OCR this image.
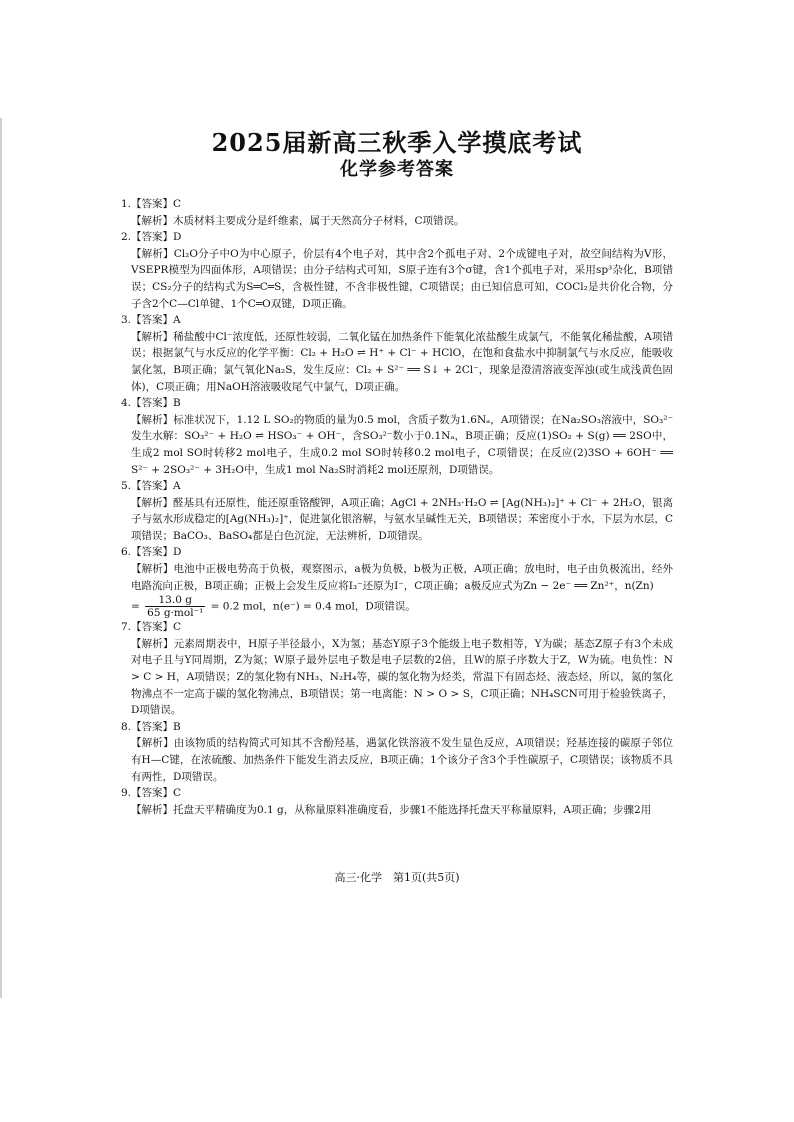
2025届新高三秋季入学摸底考试
化学参考答案

1.【答案】C

【解析】木质材料主要成分是纤维素，属于天然高分子材料，C项错误。

2.【答案】D

【解析】Cl₂O分子中O为中心原子，价层有4个电子对，其中含2个孤电子对、2个成键电子对，故空间结构为V形，VSEPR模型为四面体形，A项错误；由分子结构式可知，S原子连有3个σ键，含1个孤电子对，采用sp³杂化，B项错误；CS₂分子的结构式为S═C═S，含极性键，不含非极性键，C项错误；由已知信息可知，COCl₂是共价化合物，分子含2个C—Cl单键、1个C═O双键，D项正确。

3.【答案】A

【解析】稀盐酸中Cl⁻浓度低，还原性较弱，二氧化锰在加热条件下能氧化浓盐酸生成氯气，不能氧化稀盐酸，A项错误；根据氯气与水反应的化学平衡：Cl₂ + H₂O ⇌ H⁺ + Cl⁻ + HClO，在饱和食盐水中抑制氯气与水反应，能吸收氯化氢，B项正确；氯气氧化Na₂S，发生反应：Cl₂ + S²⁻ ══ S↓ + 2Cl⁻，现象是澄清溶液变浑浊(或生成浅黄色固体)，C项正确；用NaOH溶液吸收尾气中氯气，D项正确。

4.【答案】B

【解析】标准状况下，1.12 L SO₂的物质的量为0.5 mol，含质子数为1.6Nₐ，A项错误；在Na₂SO₃溶液中，SO₃²⁻发生水解：SO₃²⁻ + H₂O ⇌ HSO₃⁻ + OH⁻，含SO₃²⁻数小于0.1Nₐ，B项正确；反应(1)SO₂ + S(g) ══ 2SO中，生成2 mol SO时转移2 mol电子，生成0.2 mol SO时转移0.2 mol电子，C项错误；在反应(2)3SO + 6OH⁻ ══ S²⁻ + 2SO₃²⁻ + 3H₂O中，生成1 mol Na₂S时消耗2 mol还原剂，D项错误。

5.【答案】A

【解析】醛基具有还原性，能还原重铬酸钾，A项正确；AgCl + 2NH₃·H₂O ⇌ [Ag(NH₃)₂]⁺ + Cl⁻ + 2H₂O，银离子与氨水形成稳定的[Ag(NH₃)₂]⁺，促进氯化银溶解，与氨水呈碱性无关，B项错误；苯密度小于水，下层为水层，C项错误；BaCO₃、BaSO₄都是白色沉淀，无法辨析，D项错误。

6.【答案】D

【解析】电池中正极电势高于负极，观察图示，a极为负极，b极为正极，A项正确；放电时，电子由负极流出，经外电路流向正极，B项正确；正极上会发生反应将I₃⁻还原为I⁻，C项正确；a极反应式为Zn − 2e⁻ ══ Zn²⁺，n(Zn)

= $\frac{13.0 g}{\text{65 g·mol⁻¹}} = 0.2$ mol，n(e⁻) = 0.4 mol，D项错误。

7.【答案】C

【解析】元素周期表中，H原子半径最小，X为氢；基态Y原子3个能级上电子数相等，Y为碳；基态Z原子有3个未成对电子且与Y同周期，Z为氮；W原子最外层电子数是电子层数的2倍，且W的原子序数大于Z，W为硫。电负性：N > C > H，A项错误；Z的氢化物有NH₃、N₂H₄等，碳的氢化物为烃类，常温下有固态烃、液态烃，所以，氮的氢化物沸点不一定高于碳的氢化物沸点，B项错误；第一电离能：N > O > S，C项正确；NH₄SCN可用于检验铁离子，D项错误。

8.【答案】B

【解析】由该物质的结构简式可知其不含酚羟基，遇氯化铁溶液不发生显色反应，A项错误；羟基连接的碳原子邻位有H—C键，在浓硫酸、加热条件下能发生消去反应，B项正确；1个该分子含3个手性碳原子，C项错误；该物质不具有两性，D项错误。

9.【答案】C

【解析】托盘天平精确度为0.1 g，从称量原料准确度看，步骤1不能选择托盘天平称量原料，A项正确；步骤2用

高三·化学　第1页(共5页)
